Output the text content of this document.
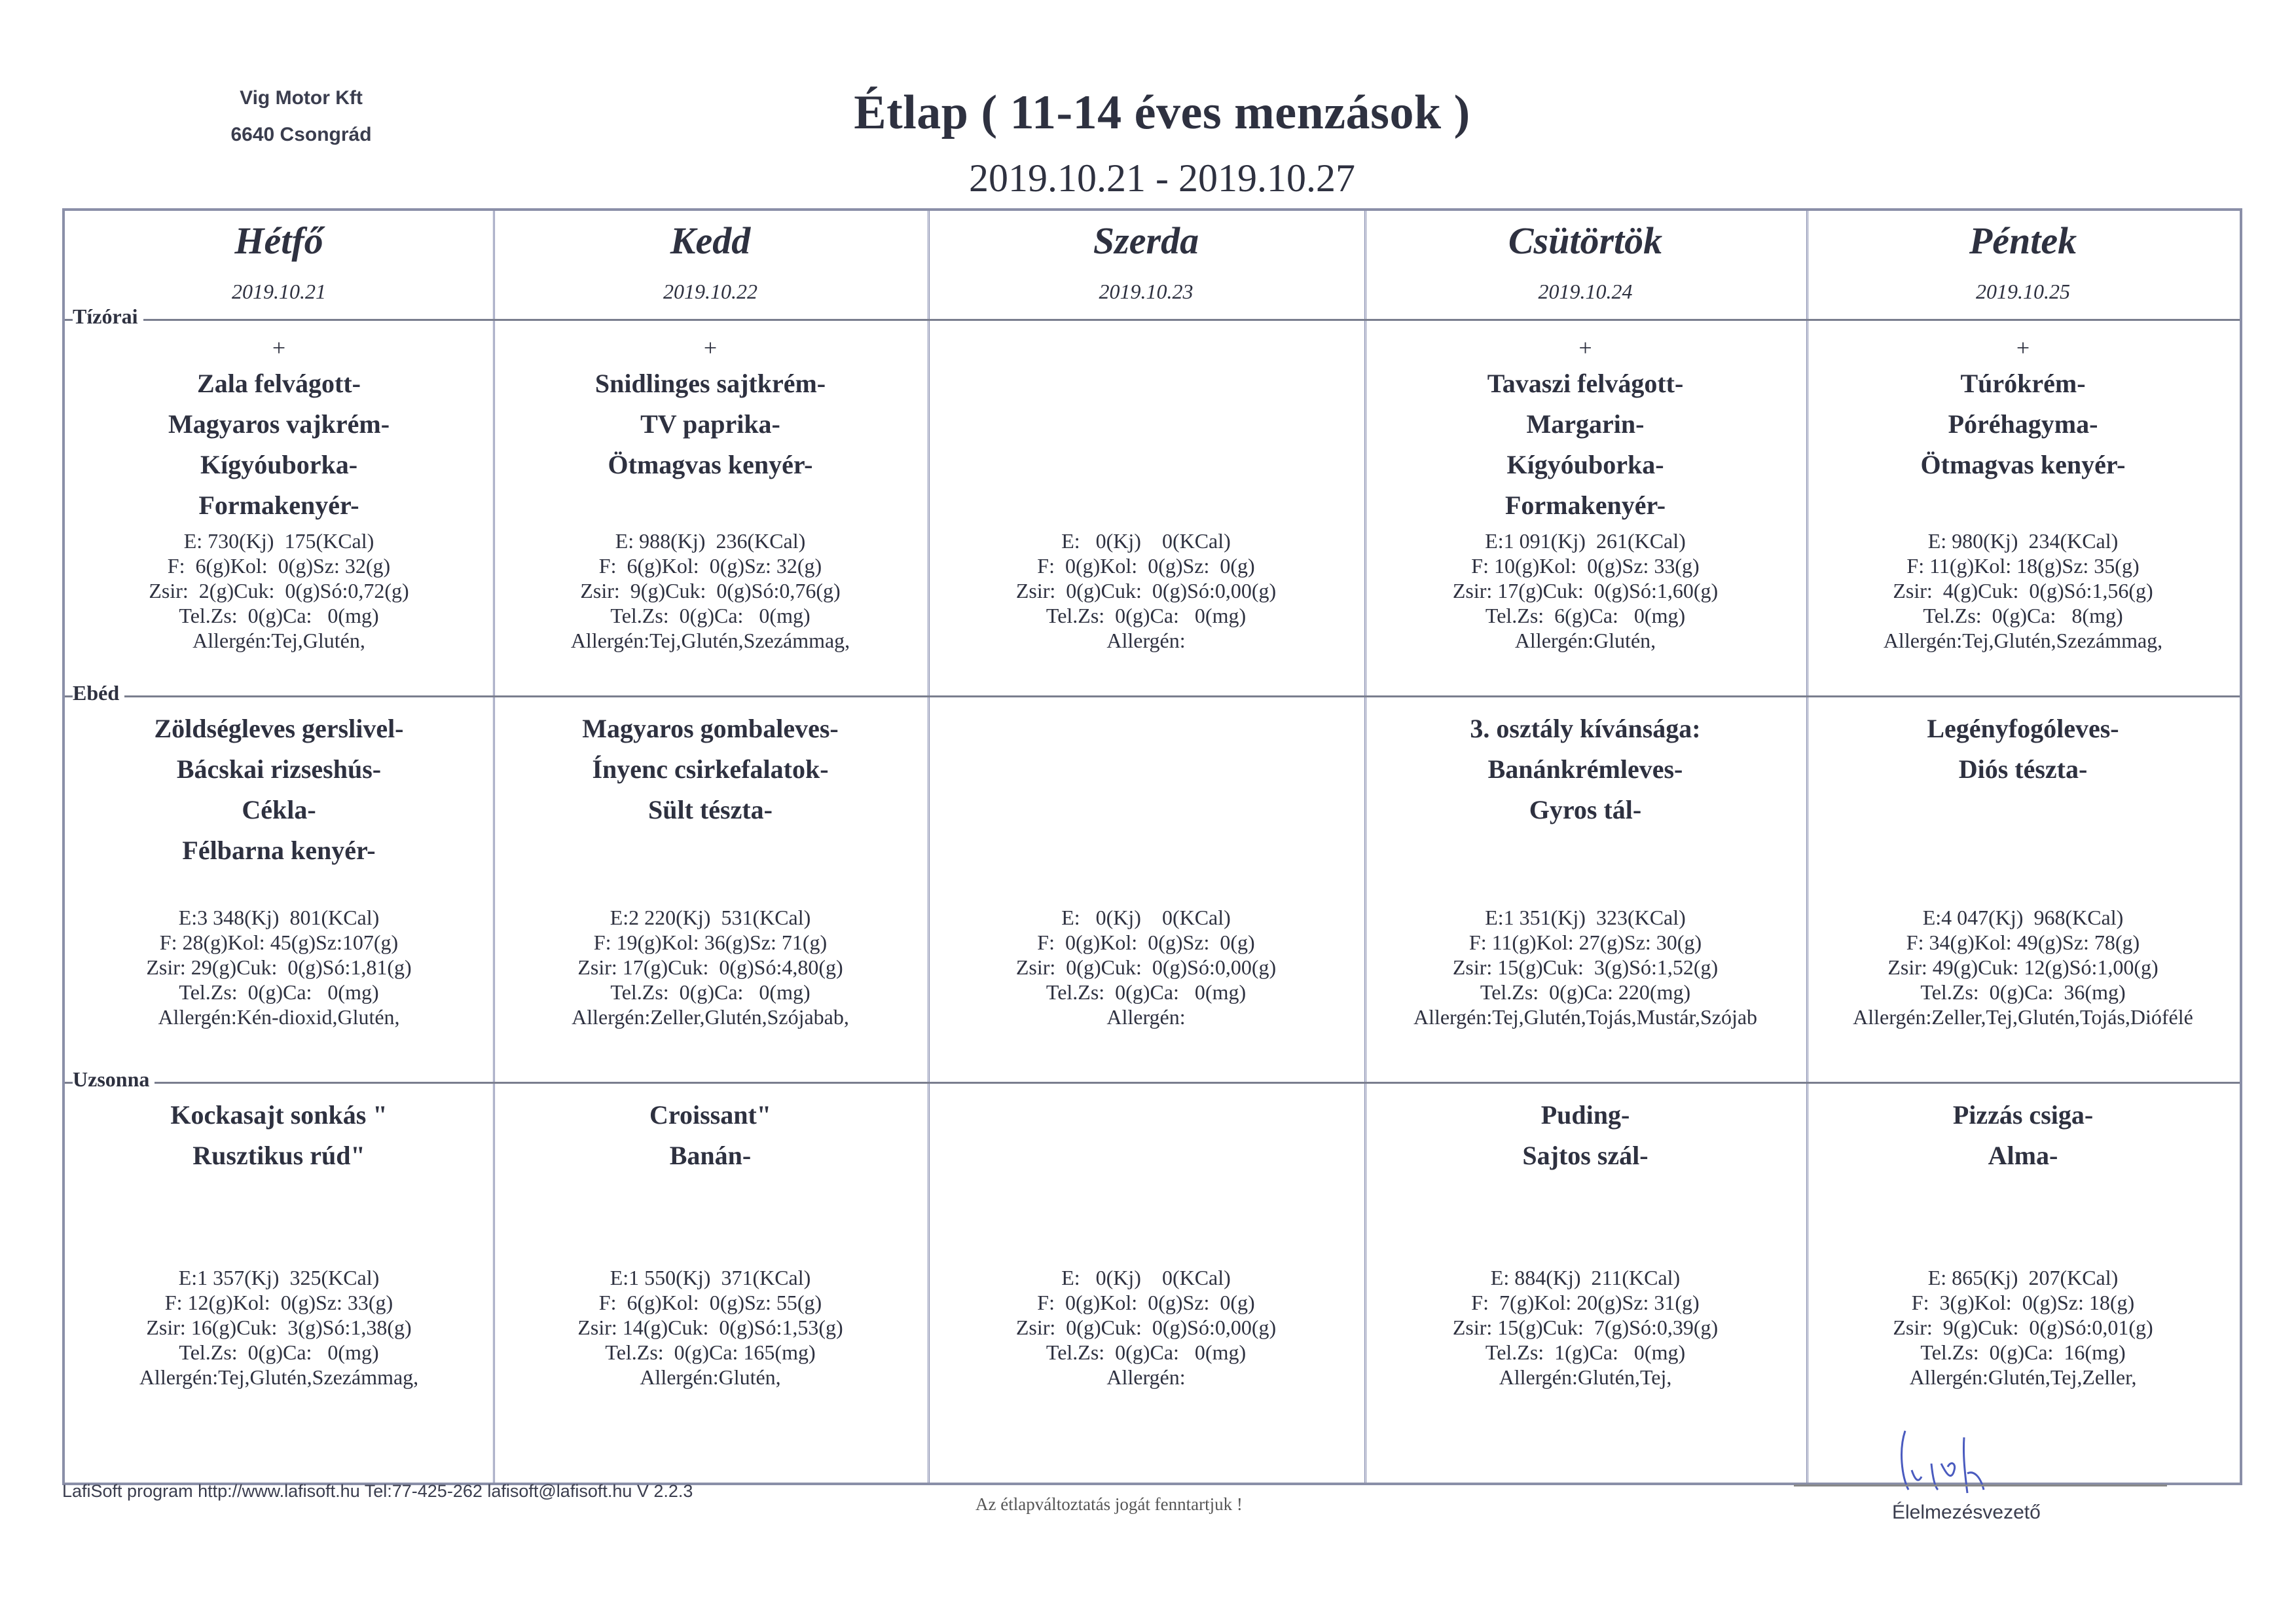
Vig Motor Kft
6640 Csongrád	Étlap ( 11-14 éves menzások )
2019.10.21 - 2019.10.27
Tízórai
Ebéd
Uzsonna
Hétfő
2019.10.21
+
Zala felvágott-
Magyaros vajkrém-
Kígyóuborka-
Formakenyér-
E: 730(Kj)  175(KCal)
F:  6(g)Kol:  0(g)Sz: 32(g)
Zsir:  2(g)Cuk:  0(g)Só:0,72(g)
Tel.Zs:  0(g)Ca:   0(mg)
Allergén:Tej,Glutén,
Zöldségleves gerslivel-
Bácskai rizseshús-
Cékla-
Félbarna kenyér-
E:3 348(Kj)  801(KCal)
F: 28(g)Kol: 45(g)Sz:107(g)
Zsir: 29(g)Cuk:  0(g)Só:1,81(g)
Tel.Zs:  0(g)Ca:   0(mg)
Allergén:Kén-dioxid,Glutén,
Kockasajt sonkás "
Rusztikus rúd"
E:1 357(Kj)  325(KCal)
F: 12(g)Kol:  0(g)Sz: 33(g)
Zsir: 16(g)Cuk:  3(g)Só:1,38(g)
Tel.Zs:  0(g)Ca:   0(mg)
Allergén:Tej,Glutén,Szezámmag,
Kedd
2019.10.22
+
Snidlinges sajtkrém-
TV paprika-
Ötmagvas kenyér-
E: 988(Kj)  236(KCal)
F:  6(g)Kol:  0(g)Sz: 32(g)
Zsir:  9(g)Cuk:  0(g)Só:0,76(g)
Tel.Zs:  0(g)Ca:   0(mg)
Allergén:Tej,Glutén,Szezámmag,
Magyaros gombaleves-
Ínyenc csirkefalatok-
Sült tészta-
E:2 220(Kj)  531(KCal)
F: 19(g)Kol: 36(g)Sz: 71(g)
Zsir: 17(g)Cuk:  0(g)Só:4,80(g)
Tel.Zs:  0(g)Ca:   0(mg)
Allergén:Zeller,Glutén,Szójabab,
Croissant"
Banán-
E:1 550(Kj)  371(KCal)
F:  6(g)Kol:  0(g)Sz: 55(g)
Zsir: 14(g)Cuk:  0(g)Só:1,53(g)
Tel.Zs:  0(g)Ca: 165(mg)
Allergén:Glutén,
Szerda
2019.10.23
E:   0(Kj)    0(KCal)
F:  0(g)Kol:  0(g)Sz:  0(g)
Zsir:  0(g)Cuk:  0(g)Só:0,00(g)
Tel.Zs:  0(g)Ca:   0(mg)
Allergén:
E:   0(Kj)    0(KCal)
F:  0(g)Kol:  0(g)Sz:  0(g)
Zsir:  0(g)Cuk:  0(g)Só:0,00(g)
Tel.Zs:  0(g)Ca:   0(mg)
Allergén:
E:   0(Kj)    0(KCal)
F:  0(g)Kol:  0(g)Sz:  0(g)
Zsir:  0(g)Cuk:  0(g)Só:0,00(g)
Tel.Zs:  0(g)Ca:   0(mg)
Allergén:
Csütörtök
2019.10.24
+
Tavaszi felvágott-
Margarin-
Kígyóuborka-
Formakenyér-
E:1 091(Kj)  261(KCal)
F: 10(g)Kol:  0(g)Sz: 33(g)
Zsir: 17(g)Cuk:  0(g)Só:1,60(g)
Tel.Zs:  6(g)Ca:   0(mg)
Allergén:Glutén,
3. osztály kívánsága:
Banánkrémleves-
Gyros tál-
E:1 351(Kj)  323(KCal)
F: 11(g)Kol: 27(g)Sz: 30(g)
Zsir: 15(g)Cuk:  3(g)Só:1,52(g)
Tel.Zs:  0(g)Ca: 220(mg)
Allergén:Tej,Glutén,Tojás,Mustár,Szójab
Puding-
Sajtos szál-
E: 884(Kj)  211(KCal)
F:  7(g)Kol: 20(g)Sz: 31(g)
Zsir: 15(g)Cuk:  7(g)Só:0,39(g)
Tel.Zs:  1(g)Ca:   0(mg)
Allergén:Glutén,Tej,
Péntek
2019.10.25
+
Túrókrém-
Póréhagyma-
Ötmagvas kenyér-
E: 980(Kj)  234(KCal)
F: 11(g)Kol: 18(g)Sz: 35(g)
Zsir:  4(g)Cuk:  0(g)Só:1,56(g)
Tel.Zs:  0(g)Ca:   8(mg)
Allergén:Tej,Glutén,Szezámmag,
Legényfogóleves-
Diós tészta-
E:4 047(Kj)  968(KCal)
F: 34(g)Kol: 49(g)Sz: 78(g)
Zsir: 49(g)Cuk: 12(g)Só:1,00(g)
Tel.Zs:  0(g)Ca:  36(mg)
Allergén:Zeller,Tej,Glutén,Tojás,Diófélé
Pizzás csiga-
Alma-
E: 865(Kj)  207(KCal)
F:  3(g)Kol:  0(g)Sz: 18(g)
Zsir:  9(g)Cuk:  0(g)Só:0,01(g)
Tel.Zs:  0(g)Ca:  16(mg)
Allergén:Glutén,Tej,Zeller,
LafiSoft program http://www.lafisoft.hu Tel:77-425-262 lafisoft@lafisoft.hu V 2.2.3
Az étlapváltoztatás jogát fenntartjuk !	Élelmezésvezető
